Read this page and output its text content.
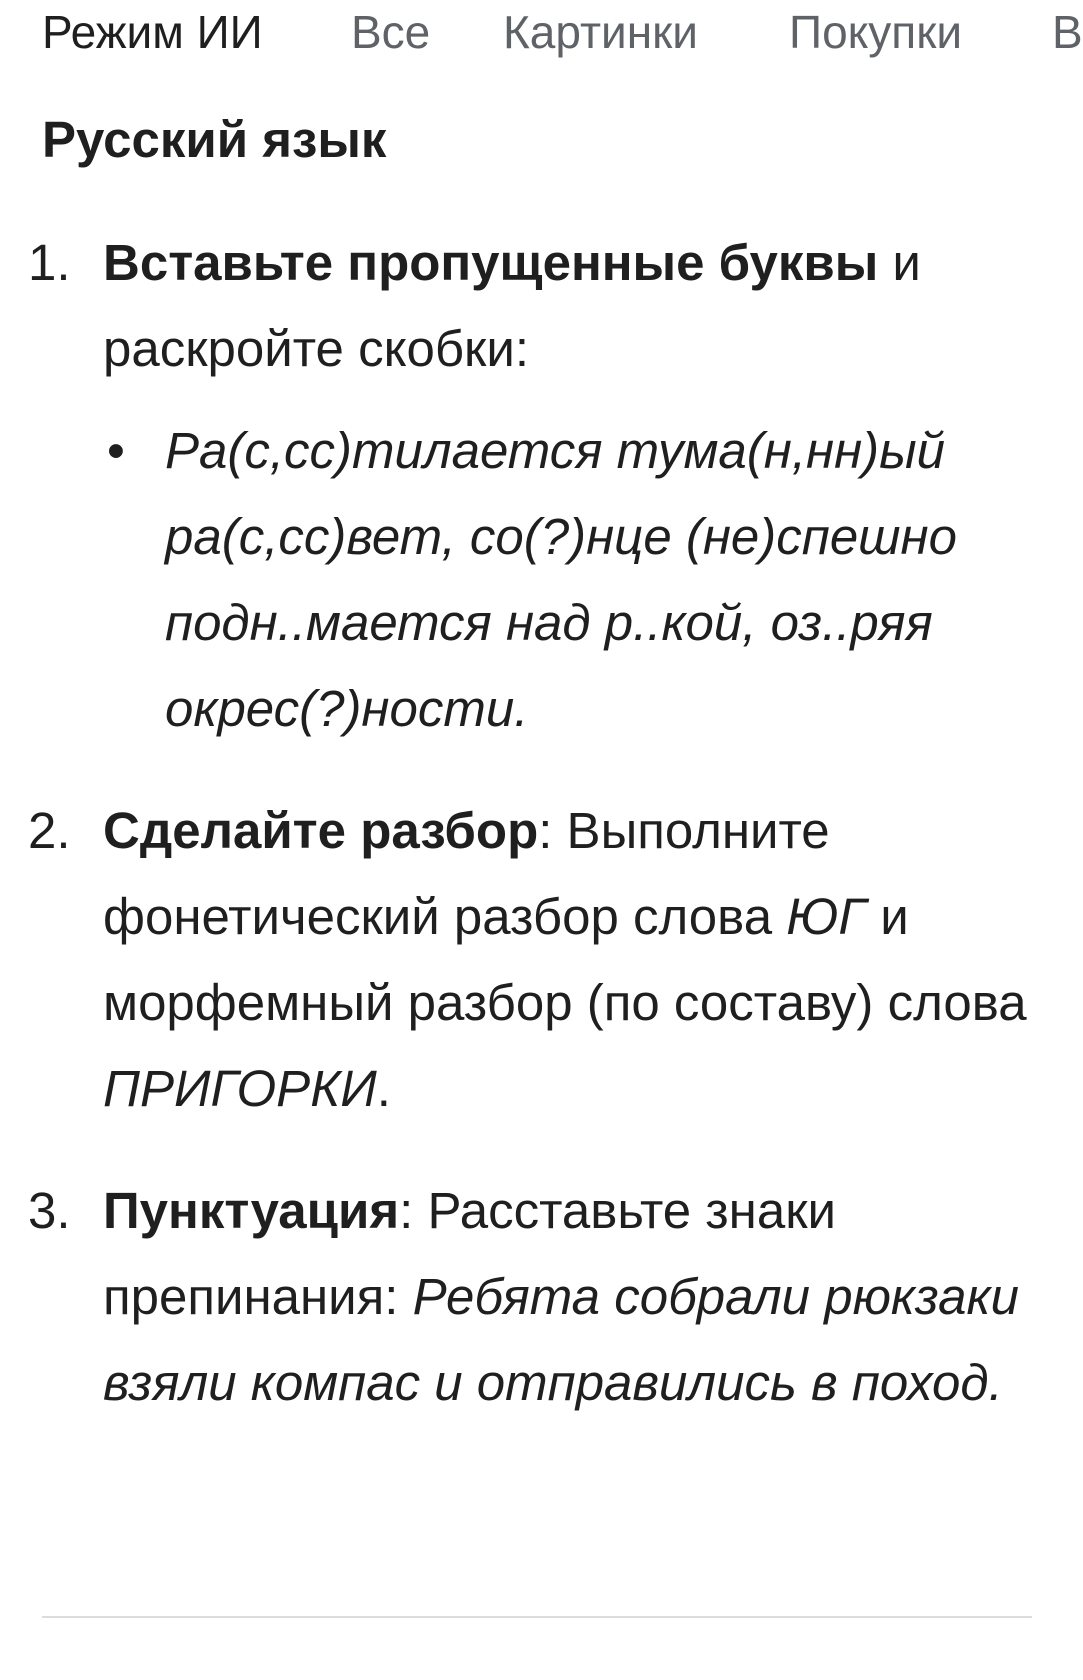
Режим ИИ Все Картинки Покупки В
Русский язык
1. Вставьте пропущенные буквы и раскройте скобки:
• Ра(с,сс)тилается тума(н,нн)ый ра(с,сс)вет, со(?)нце (не)спешно подн..мается над р..кой, оз..ряя окрес(?)ности.
2. Сделайте разбор: Выполните фонетический разбор слова ЮГ и морфемный разбор (по составу) слова ПРИГОРКИ.
3. Пунктуация: Расставьте знаки препинания: Ребята собрали рюкзаки взяли компас и отправились в поход.
